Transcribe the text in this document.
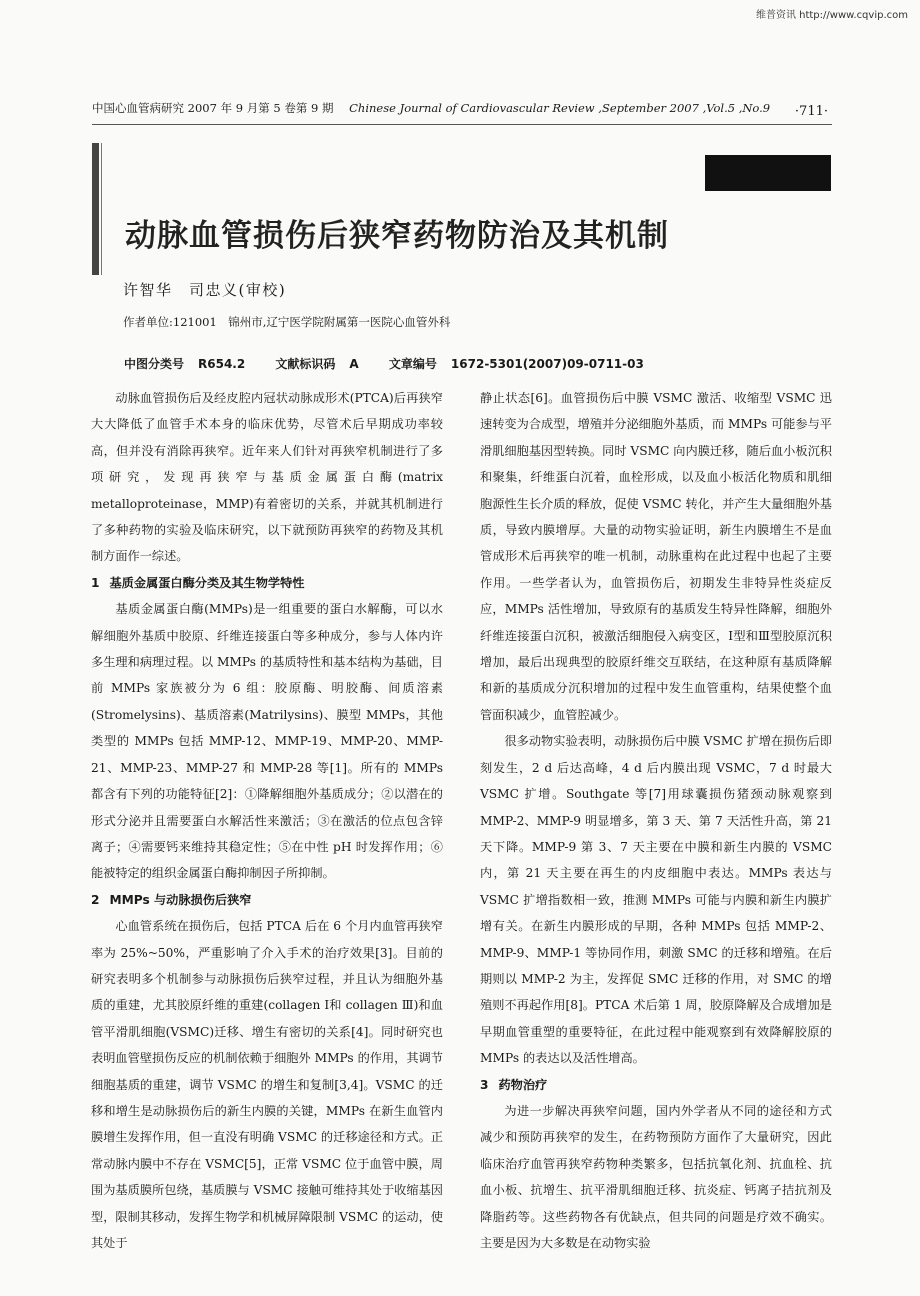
维普资讯 http://www.cqvip.com
中国心血管病研究 2007 年 9 月第 5 卷第 9 期 Chinese Journal of Cardiovascular Review ,September 2007 ,Vol.5 ,No.9	·711·
动脉血管损伤后狭窄药物防治及其机制
许智华　司忠义(审校)
作者单位:121001　锦州市,辽宁医学院附属第一医院心血管外科
中图分类号 R654.2	文献标识码 A	文章编号 1672-5301(2007)09-0711-03

动脉血管损伤后及经皮腔内冠状动脉成形术(PTCA)后再狭窄大大降低了血管手术本身的临床优势，尽管术后早期成功率较高，但并没有消除再狭窄。近年来人们针对再狭窄机制进行了多项研究，发现再狭窄与基质金属蛋白酶(matrix metalloproteinase，MMP)有着密切的关系，并就其机制进行了多种药物的实验及临床研究，以下就预防再狭窄的药物及其机制方面作一综述。

1 基质金属蛋白酶分类及其生物学特性

基质金属蛋白酶(MMPs)是一组重要的蛋白水解酶，可以水解细胞外基质中胶原、纤维连接蛋白等多种成分，参与人体内许多生理和病理过程。以 MMPs 的基质特性和基本结构为基础，目前 MMPs 家族被分为 6 组：胶原酶、明胶酶、间质溶素(Stromelysins)、基质溶素(Matrilysins)、膜型 MMPs，其他类型的 MMPs 包括 MMP-12、MMP-19、MMP-20、MMP-21、MMP-23、MMP-27 和 MMP-28 等[1]。所有的 MMPs 都含有下列的功能特征[2]：①降解细胞外基质成分；②以潜在的形式分泌并且需要蛋白水解活性来激活；③在激活的位点包含锌离子；④需要钙来维持其稳定性；⑤在中性 pH 时发挥作用；⑥能被特定的组织金属蛋白酶抑制因子所抑制。

2 MMPs 与动脉损伤后狭窄

心血管系统在损伤后，包括 PTCA 后在 6 个月内血管再狭窄率为 25%~50%，严重影响了介入手术的治疗效果[3]。目前的研究表明多个机制参与动脉损伤后狭窄过程，并且认为细胞外基质的重建，尤其胶原纤维的重建(collagen Ⅰ和 collagen Ⅲ)和血管平滑肌细胞(VSMC)迁移、增生有密切的关系[4]。同时研究也表明血管壁损伤反应的机制依赖于细胞外 MMPs 的作用，其调节细胞基质的重建，调节 VSMC 的增生和复制[3,4]。VSMC 的迁移和增生是动脉损伤后的新生内膜的关键，MMPs 在新生血管内膜增生发挥作用，但一直没有明确 VSMC 的迁移途径和方式。正常动脉内膜中不存在 VSMC[5]，正常 VSMC 位于血管中膜，周围为基质膜所包绕，基质膜与 VSMC 接触可维持其处于收缩基因型，限制其移动，发挥生物学和机械屏障限制 VSMC 的运动，使其处于

静止状态[6]。血管损伤后中膜 VSMC 激活、收缩型 VSMC 迅速转变为合成型，增殖并分泌细胞外基质，而 MMPs 可能参与平滑肌细胞基因型转换。同时 VSMC 向内膜迁移，随后血小板沉积和聚集，纤维蛋白沉着，血栓形成，以及血小板活化物质和肌细胞源性生长介质的释放，促使 VSMC 转化，并产生大量细胞外基质，导致内膜增厚。大量的动物实验证明，新生内膜增生不是血管成形术后再狭窄的唯一机制，动脉重构在此过程中也起了主要作用。一些学者认为，血管损伤后，初期发生非特异性炎症反应，MMPs 活性增加，导致原有的基质发生特异性降解，细胞外纤维连接蛋白沉积，被激活细胞侵入病变区，Ⅰ型和Ⅲ型胶原沉积增加，最后出现典型的胶原纤维交互联结，在这种原有基质降解和新的基质成分沉积增加的过程中发生血管重构，结果使整个血管面积减少，血管腔减少。

很多动物实验表明，动脉损伤后中膜 VSMC 扩增在损伤后即刻发生，2 d 后达高峰，4 d 后内膜出现 VSMC，7 d 时最大 VSMC 扩增。Southgate 等[7]用球囊损伤猪颈动脉观察到 MMP-2、MMP-9 明显增多，第 3 天、第 7 天活性升高，第 21 天下降。MMP-9 第 3、7 天主要在中膜和新生内膜的 VSMC 内，第 21 天主要在再生的内皮细胞中表达。MMPs 表达与 VSMC 扩增指数相一致，推测 MMPs 可能与内膜和新生内膜扩增有关。在新生内膜形成的早期，各种 MMPs 包括 MMP-2、MMP-9、MMP-1 等协同作用，刺激 SMC 的迁移和增殖。在后期则以 MMP-2 为主，发挥促 SMC 迁移的作用，对 SMC 的增殖则不再起作用[8]。PTCA 术后第 1 周，胶原降解及合成增加是早期血管重塑的重要特征，在此过程中能观察到有效降解胶原的 MMPs 的表达以及活性增高。

3 药物治疗

为进一步解决再狭窄问题，国内外学者从不同的途径和方式减少和预防再狭窄的发生，在药物预防方面作了大量研究，因此临床治疗血管再狭窄药物种类繁多，包括抗氧化剂、抗血栓、抗血小板、抗增生、抗平滑肌细胞迁移、抗炎症、钙离子拮抗剂及降脂药等。这些药物各有优缺点，但共同的问题是疗效不确实。主要是因为大多数是在动物实验
